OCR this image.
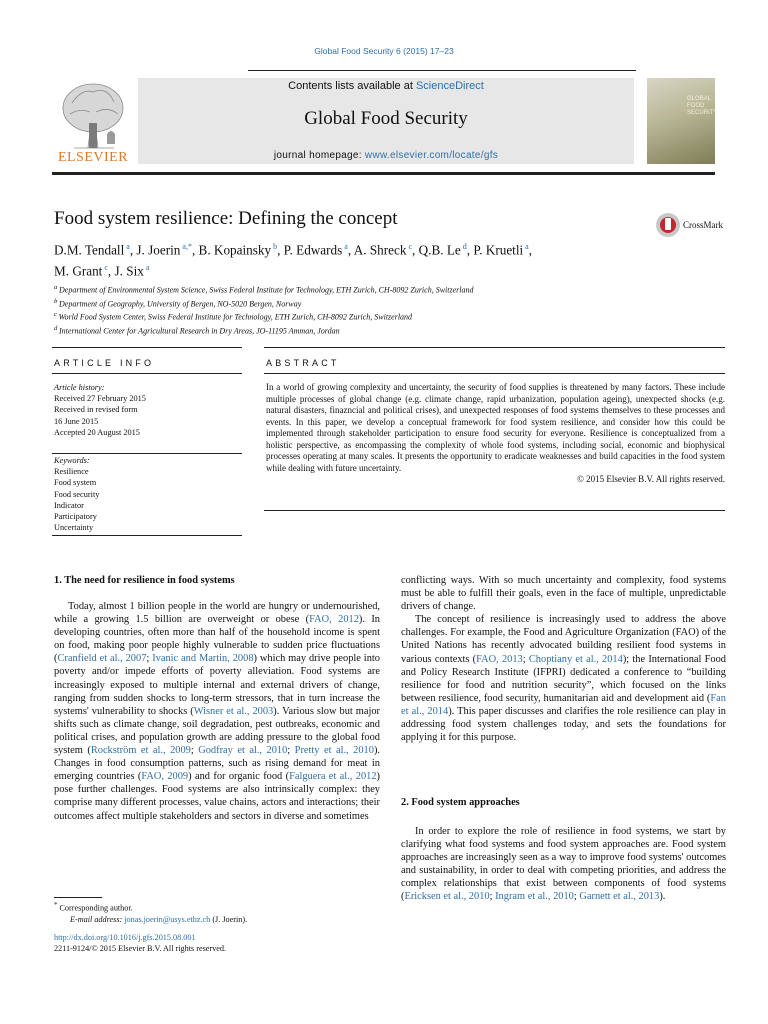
Global Food Security 6 (2015) 17–23
ELSEVIER
Contents lists available at ScienceDirect
Global Food Security
journal homepage: www.elsevier.com/locate/gfs
GLOBAL FOOD SECURITY
Food system resilience: Defining the concept	CrossMark
D.M. Tendall $^a$, J. Joerin $^{a,*}$, B. Kopainsky $^b$, P. Edwards $^a$, A. Shreck $^c$, Q.B. Le $^d$, P. Kruetli $^a$,
M. Grant $^c$, J. Six $^a$
$^a$ Department of Environmental System Science, Swiss Federal Institute for Technology, ETH Zurich, CH-8092 Zurich, Switzerland
$^b$ Department of Geography, University of Bergen, NO-5020 Bergen, Norway
$^c$ World Food System Center, Swiss Federal Institute for Technology, ETH Zurich, CH-8092 Zurich, Switzerland
$^d$ International Center for Agricultural Research in Dry Areas, JO-11195 Amman, Jordan
ARTICLE INFO	ABSTRACT
Article history:
Received 27 February 2015
Received in revised form
16 June 2015
Accepted 20 August 2015
Keywords:
Resilience
Food system
Food security
Indicator
Participatory
Uncertainty
In a world of growing complexity and uncertainty, the security of food supplies is threatened by many factors. These include multiple processes of global change (e.g. climate change, rapid urbanization, population ageing), unexpected shocks (e.g. natural disasters, finazncial and political crises), and unexpected responses of food systems themselves to these processes and events. In this paper, we develop a conceptual framework for food system resilience, and consider how this could be implemented through stakeholder participation to ensure food security for everyone. Resilience is conceptualized from a holistic perspective, as encompassing the complexity of whole food systems, including social, economic and biophysical processes operating at many scales. It presents the opportunity to eradicate weaknesses and build capacities in the food system while dealing with future uncertainty.
© 2015 Elsevier B.V. All rights reserved.
1. The need for resilience in food systems

Today, almost 1 billion people in the world are hungry or undernourished, while a growing 1.5 billion are overweight or obese (FAO, 2012). In developing countries, often more than half of the household income is spent on food, making poor people highly vulnerable to sudden price fluctuations (Cranfield et al., 2007; Ivanic and Martin, 2008) which may drive people into poverty and/or impede efforts of poverty alleviation. Food systems are increasingly exposed to multiple internal and external drivers of change, ranging from sudden shocks to long-term stressors, that in turn increase the systems' vulnerability to shocks (Wisner et al., 2003). Various slow but major shifts such as climate change, soil degradation, pest outbreaks, economic and political crises, and population growth are adding pressure to the global food system (Rockström et al., 2009; Godfray et al., 2010; Pretty et al., 2010). Changes in food consumption patterns, such as rising demand for meat in emerging countries (FAO, 2009) and for organic food (Falguera et al., 2012) pose further challenges. Food systems are also intrinsically complex: they comprise many different processes, value chains, actors and interactions; their outcomes affect multiple stakeholders and sectors in diverse and sometimes

conflicting ways. With so much uncertainty and complexity, food systems must be able to fulfill their goals, even in the face of multiple, unpredictable drivers of change.

The concept of resilience is increasingly used to address the above challenges. For example, the Food and Agriculture Organization (FAO) of the United Nations has recently advocated building resilient food systems in various contexts (FAO, 2013; Choptiany et al., 2014); the International Food and Policy Research Institute (IFPRI) dedicated a conference to “building resilience for food and nutrition security”, which focused on the links between resilience, food security, humanitarian aid and development aid (Fan et al., 2014). This paper discusses and clarifies the role resilience can play in addressing food system challenges today, and sets the foundations for applying it for this purpose.

2. Food system approaches

In order to explore the role of resilience in food systems, we start by clarifying what food systems and food system approaches are. Food system approaches are increasingly seen as a way to improve food systems' outcomes and sustainability, in order to deal with competing priorities, and address the complex relationships that exist between components of food systems (Ericksen et al., 2010; Ingram et al., 2010; Garnett et al., 2013).

* Corresponding author.
E-mail address: jonas.joerin@usys.ethz.ch (J. Joerin).
http://dx.doi.org/10.1016/j.gfs.2015.08.001
2211-9124/© 2015 Elsevier B.V. All rights reserved.
